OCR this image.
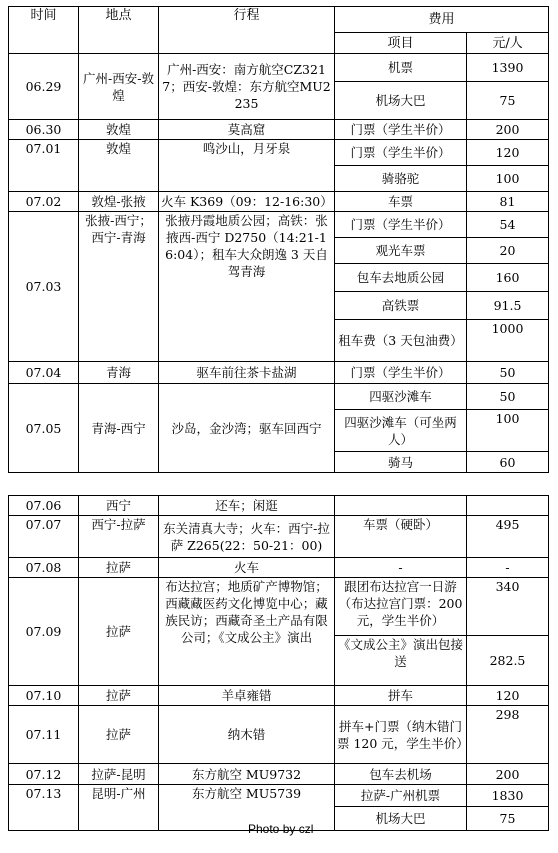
时间	地点	行程	费用	
			项目	元/人
06.29	广州-西安-敦煌	广州-西安：南方航空CZ3217；西安-敦煌：东方航空MU2235	机票	1390
			机场大巴	75
06.30	敦煌	莫高窟	门票（学生半价）	200
07.01	敦煌	鸣沙山，月牙泉	门票（学生半价）	120
			骑骆驼	100
07.02	敦煌-张掖	火车 K369（09：12-16:30）	车票	81
07.03	张掖-西宁；西宁-青海	张掖丹霞地质公园；高铁：张掖西-西宁 D2750（14:21-16:04）；租车大众朗逸 3 天自驾青海	门票（学生半价）	54
			观光车票	20
			包车去地质公园	160
			高铁票	91.5
			租车费（3 天包油费）	1000
07.04	青海	驱车前往茶卡盐湖	门票（学生半价）	50
07.05	青海-西宁	沙岛，金沙湾；驱车回西宁	四驱沙滩车	50
			四驱沙滩车（可坐两人）	100
			骑马	60
07.06	西宁	还车；闲逛		
07.07	西宁-拉萨	东关清真大寺；火车：西宁-拉萨 Z265(22：50-21：00)	车票（硬卧）	495
07.08	拉萨	火车	-	-
07.09	拉萨	布达拉宫；地质矿产博物馆；西藏藏医药文化博览中心；藏族民访；西藏奇圣土产品有限公司；《文成公主》演出	跟团布达拉宫一日游（布达拉宫门票：200 元，学生半价）	340
			《文成公主》演出包接送	282.5
07.10	拉萨	羊卓雍错	拼车	120
07.11	拉萨	纳木错	拼车+门票（纳木错门票 120 元，学生半价）	298
07.12	拉萨-昆明	东方航空 MU9732	包车去机场	200
07.13	昆明-广州	东方航空 MU5739	拉萨-广州机票	1830
			机场大巴	75
Photo by czl
